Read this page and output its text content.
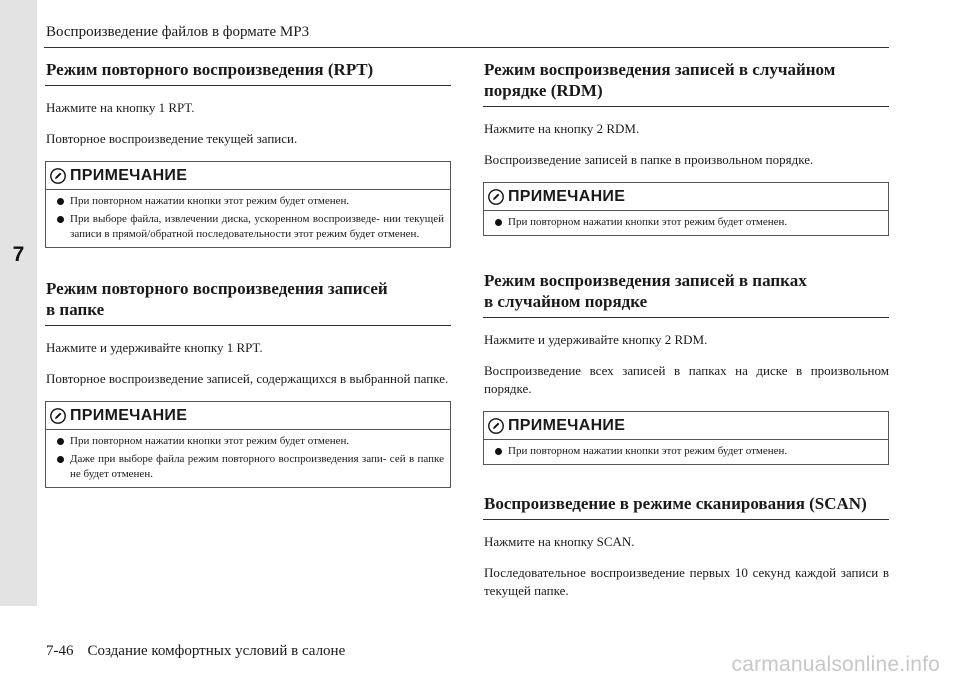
7
Воспроизведение файлов в формате MP3
Режим повторного воспроизведения (RPT)

Нажмите на кнопку 1 RPT.

Повторное воспроизведение текущей записи.

ПРИМЕЧАНИЕ
При повторном нажатии кнопки этот режим будет отменен.
При выборе файла, извлечении диска, ускоренном воспроизведе- нии текущей записи в прямой/обратной последовательности этот режим будет отменен.
Режим повторного воспроизведения записей
в папке

Нажмите и удерживайте кнопку 1 RPT.

Повторное воспроизведение записей, содержащихся в выбранной папке.

ПРИМЕЧАНИЕ
При повторном нажатии кнопки этот режим будет отменен.
Даже при выборе файла режим повторного воспроизведения запи- сей в папке не будет отменен.
Режим воспроизведения записей в случайном
порядке (RDM)

Нажмите на кнопку 2 RDM.

Воспроизведение записей в папке в произвольном порядке.

ПРИМЕЧАНИЕ
При повторном нажатии кнопки этот режим будет отменен.
Режим воспроизведения записей в папках
в случайном порядке

Нажмите и удерживайте кнопку 2 RDM.

Воспроизведение всех записей в папках на диске в произвольном порядке.

ПРИМЕЧАНИЕ
При повторном нажатии кнопки этот режим будет отменен.
Воспроизведение в режиме сканирования (SCAN)

Нажмите на кнопку SCAN.

Последовательное воспроизведение первых 10 секунд каждой записи в текущей папке.

7-46 Создание комфортных условий в салоне
carmanualsonline.info
